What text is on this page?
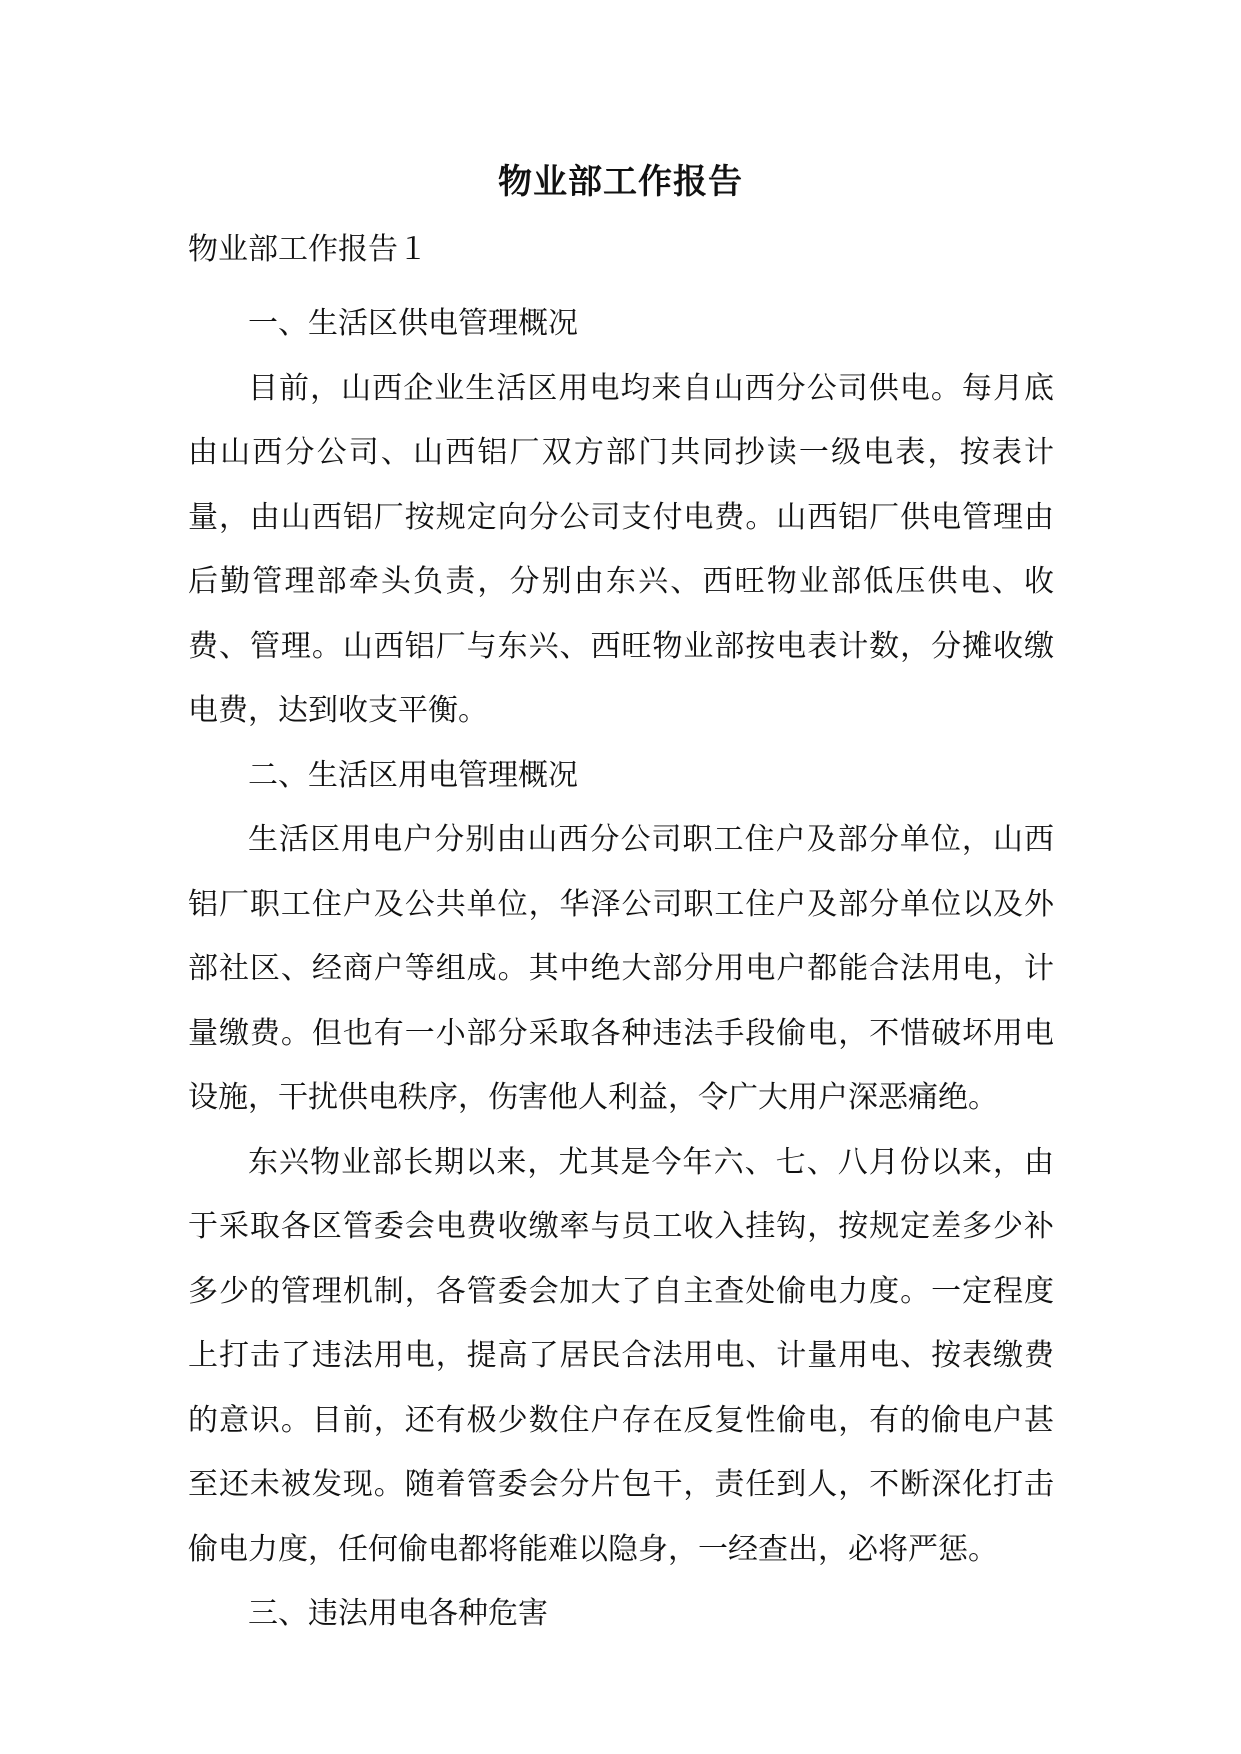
物业部工作报告
物业部工作报告１

一、生活区供电管理概况

目前，山西企业生活区用电均来自山西分公司供电。每月底由山西分公司、山西铝厂双方部门共同抄读一级电表，按表计量，由山西铝厂按规定向分公司支付电费。山西铝厂供电管理由后勤管理部牵头负责，分别由东兴、西旺物业部低压供电、收费、管理。山西铝厂与东兴、西旺物业部按电表计数，分摊收缴电费，达到收支平衡。

二、生活区用电管理概况

生活区用电户分别由山西分公司职工住户及部分单位，山西铝厂职工住户及公共单位，华泽公司职工住户及部分单位以及外部社区、经商户等组成。其中绝大部分用电户都能合法用电，计量缴费。但也有一小部分采取各种违法手段偷电，不惜破坏用电设施，干扰供电秩序，伤害他人利益，令广大用户深恶痛绝。

东兴物业部长期以来，尤其是今年六、七、八月份以来，由于采取各区管委会电费收缴率与员工收入挂钩，按规定差多少补多少的管理机制，各管委会加大了自主查处偷电力度。一定程度上打击了违法用电，提高了居民合法用电、计量用电、按表缴费的意识。目前，还有极少数住户存在反复性偷电，有的偷电户甚至还未被发现。随着管委会分片包干，责任到人，不断深化打击偷电力度，任何偷电都将能难以隐身，一经查出，必将严惩。

三、违法用电各种危害
